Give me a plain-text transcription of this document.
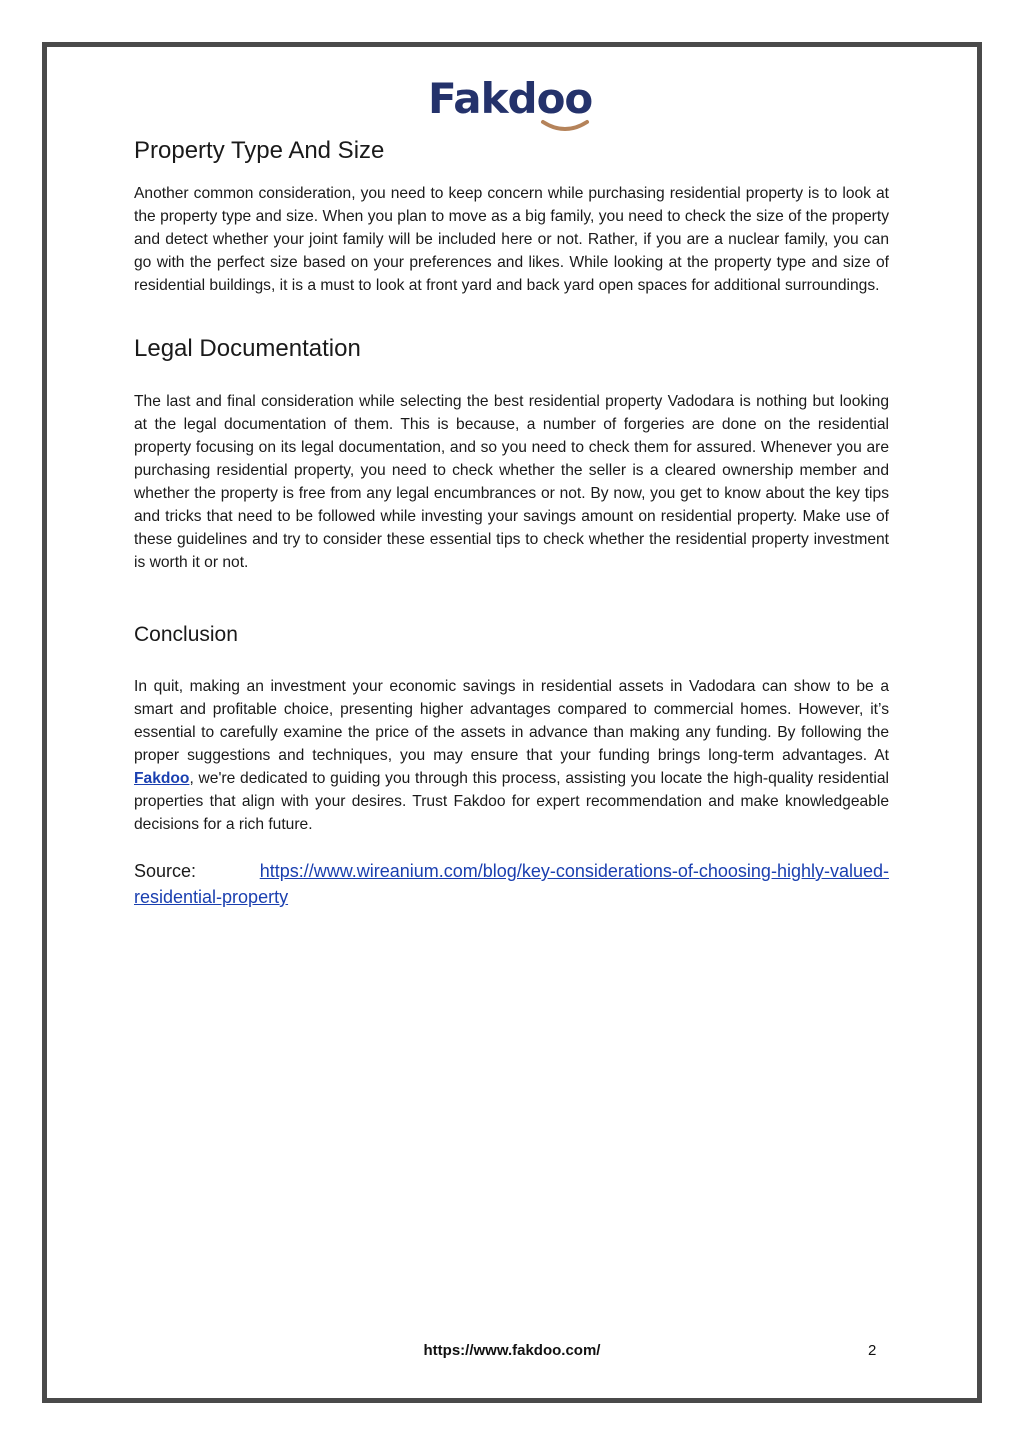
Fakdoo
Property Type And Size

Another common consideration, you need to keep concern while purchasing residential property is to look at the property type and size. When you plan to move as a big family, you need to check the size of the property and detect whether your joint family will be included here or not. Rather, if you are a nuclear family, you can go with the perfect size based on your preferences and likes. While looking at the property type and size of residential buildings, it is a must to look at front yard and back yard open spaces for additional surroundings.

Legal Documentation

The last and final consideration while selecting the best residential property Vadodara is nothing but looking at the legal documentation of them. This is because, a number of forgeries are done on the residential property focusing on its legal documentation, and so you need to check them for assured. Whenever you are purchasing residential property, you need to check whether the seller is a cleared ownership member and whether the property is free from any legal encumbrances or not. By now, you get to know about the key tips and tricks that need to be followed while investing your savings amount on residential property. Make use of these guidelines and try to consider these essential tips to check whether the residential property investment is worth it or not.

Conclusion

In quit, making an investment your economic savings in residential assets in Vadodara can show to be a smart and profitable choice, presenting higher advantages compared to commercial homes. However, it’s essential to carefully examine the price of the assets in advance than making any funding. By following the proper suggestions and techniques, you may ensure that your funding brings long-term advantages. At Fakdoo, we're dedicated to guiding you through this process, assisting you locate the high-quality residential properties that align with your desires. Trust Fakdoo for expert recommendation and make knowledgeable decisions for a rich future.

Source:	https://www.wireanium.com/blog/key-considerations-of-choosing-highly-valued-residential-property

https://www.fakdoo.com/	2
